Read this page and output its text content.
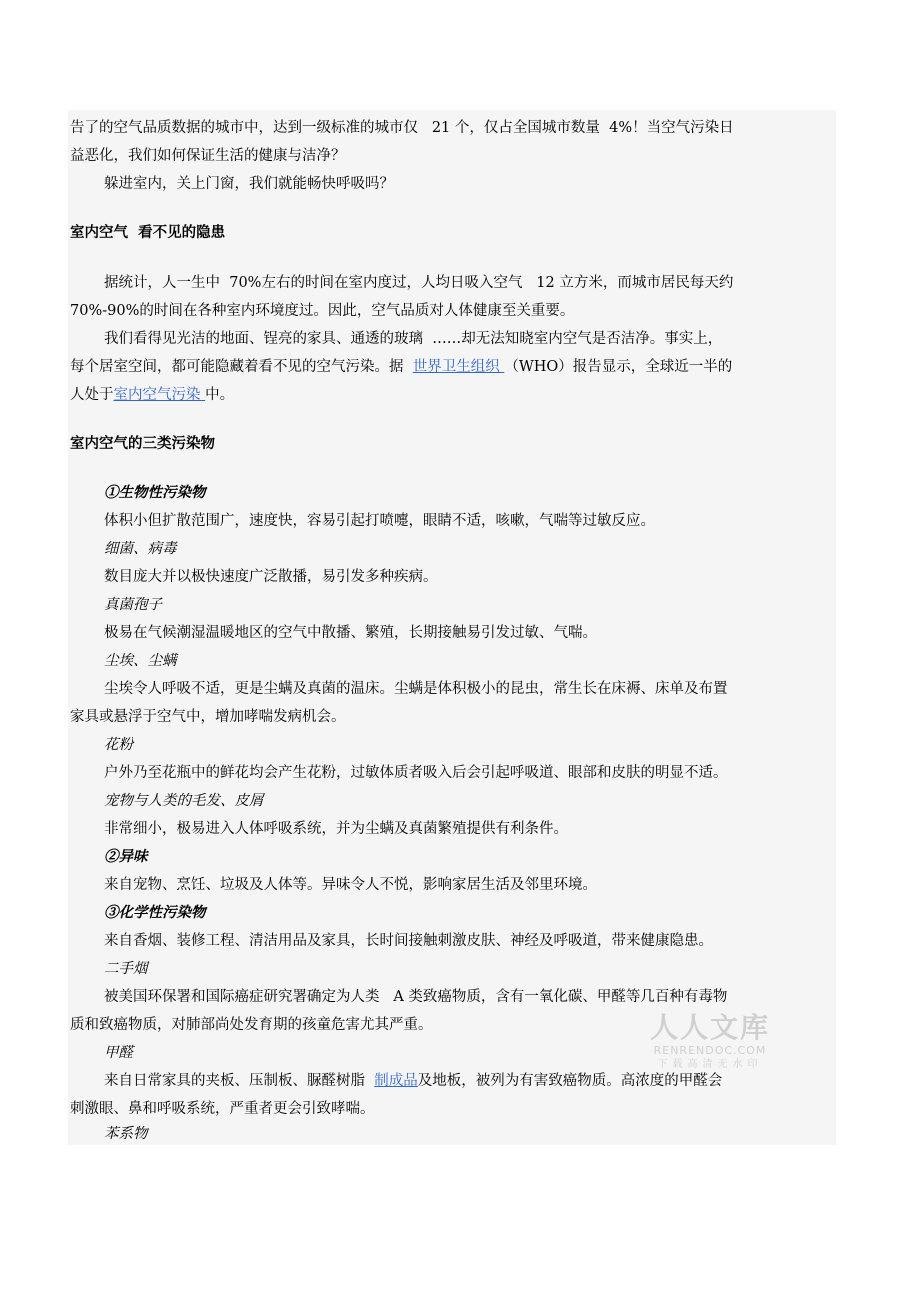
告了的空气品质数据的城市中，达到一级标准的城市仅   21 个，仅占全国城市数量  4%！当空气污染日
益恶化，我们如何保证生活的健康与洁净？
躲进室内，关上门窗，我们就能畅快呼吸吗？
室内空气  看不见的隐患
据统计，人一生中  70%左右的时间在室内度过，人均日吸入空气   12 立方米，而城市居民每天约
70%-90%的时间在各种室内环境度过。因此，空气品质对人体健康至关重要。
我们看得见光洁的地面、锃亮的家具、通透的玻璃  ……却无法知晓室内空气是否洁净。事实上，
每个居室空间，都可能隐藏着看不见的空气污染。据  世界卫生组织 （WHO）报告显示，全球近一半的
人处于室内空气污染 中。
室内空气的三类污染物
①生物性污染物
体积小但扩散范围广，速度快，容易引起打喷嚏，眼睛不适，咳嗽，气喘等过敏反应。
细菌、病毒
数目庞大并以极快速度广泛散播，易引发多种疾病。
真菌孢子
极易在气候潮湿温暖地区的空气中散播、繁殖，长期接触易引发过敏、气喘。
尘埃、尘螨
尘埃令人呼吸不适，更是尘螨及真菌的温床。尘螨是体积极小的昆虫，常生长在床褥、床单及布置
家具或悬浮于空气中，增加哮喘发病机会。
花粉
户外乃至花瓶中的鲜花均会产生花粉，过敏体质者吸入后会引起呼吸道、眼部和皮肤的明显不适。
宠物与人类的毛发、皮屑
非常细小，极易进入人体呼吸系统，并为尘螨及真菌繁殖提供有利条件。
②异味
来自宠物、烹饪、垃圾及人体等。异味令人不悦，影响家居生活及邻里环境。
③化学性污染物
来自香烟、装修工程、清洁用品及家具，长时间接触刺激皮肤、神经及呼吸道，带来健康隐患。
二手烟
被美国环保署和国际癌症研究署确定为人类   A 类致癌物质，含有一氧化碳、甲醛等几百种有毒物
质和致癌物质，对肺部尚处发育期的孩童危害尤其严重。
甲醛
来自日常家具的夹板、压制板、脲醛树脂  制成品及地板，被列为有害致癌物质。高浓度的甲醛会
刺激眼、鼻和呼吸系统，严重者更会引致哮喘。
苯系物
人人文库
RENRENDOC.COM
下载高清无水印
